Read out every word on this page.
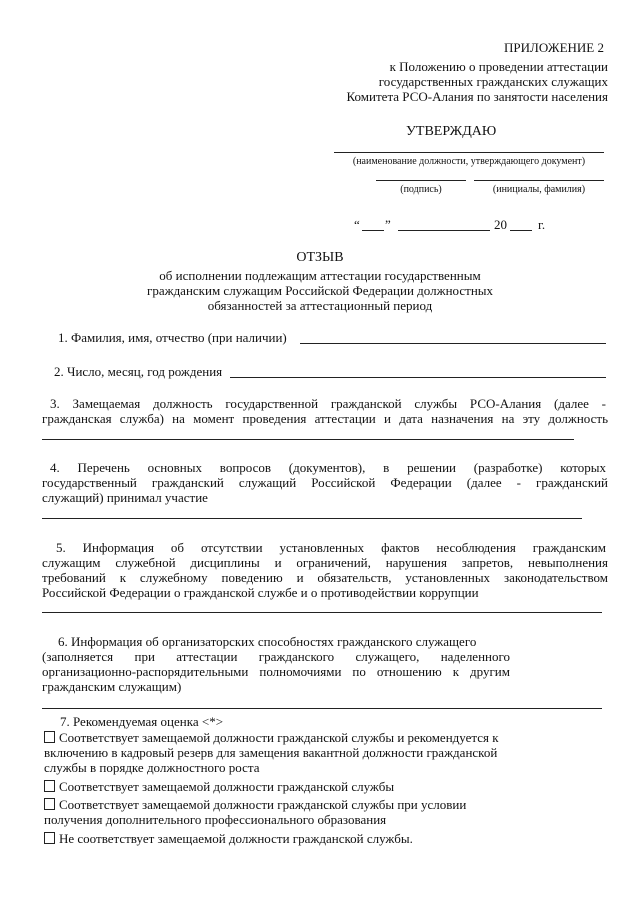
ПРИЛОЖЕНИЕ 2
к Положению о проведении аттестации
государственных гражданских служащих
Комитета РСО-Алания по занятости населения
УТВЕРЖДАЮ
(наименование должности, утверждающего документ)
(подпись)	(инициалы, фамилия)
“ ”	20 г.
ОТЗЫВ
об исполнении подлежащим аттестации государственным
гражданским служащим Российской Федерации должностных
обязанностей за аттестационный период
1. Фамилия, имя, отчество (при наличии)
2. Число, месяц, год рождения
3. Замещаемая должность государственной гражданской службы РСО-Алания (далее -
гражданская служба) на момент проведения аттестации и дата назначения на эту должность
4. Перечень основных вопросов (документов), в решении (разработке) которых
государственный гражданский служащий Российской Федерации (далее - гражданский
служащий) принимал участие
5. Информация об отсутствии установленных фактов несоблюдения гражданским
служащим служебной дисциплины и ограничений, нарушения запретов, невыполнения
требований к служебному поведению и обязательств, установленных законодательством
Российской Федерации о гражданской службе и о противодействии коррупции
6. Информация об организаторских способностях гражданского служащего
(заполняется при аттестации гражданского служащего, наделенного
организационно-распорядительными полномочиями по отношению к другим
гражданским служащим)
7. Рекомендуемая оценка <*>
Соответствует замещаемой должности гражданской службы и рекомендуется к
включению в кадровый резерв для замещения вакантной должности гражданской
службы в порядке должностного роста
Соответствует замещаемой должности гражданской службы
Соответствует замещаемой должности гражданской службы при условии
получения дополнительного профессионального образования
Не соответствует замещаемой должности гражданской службы.
